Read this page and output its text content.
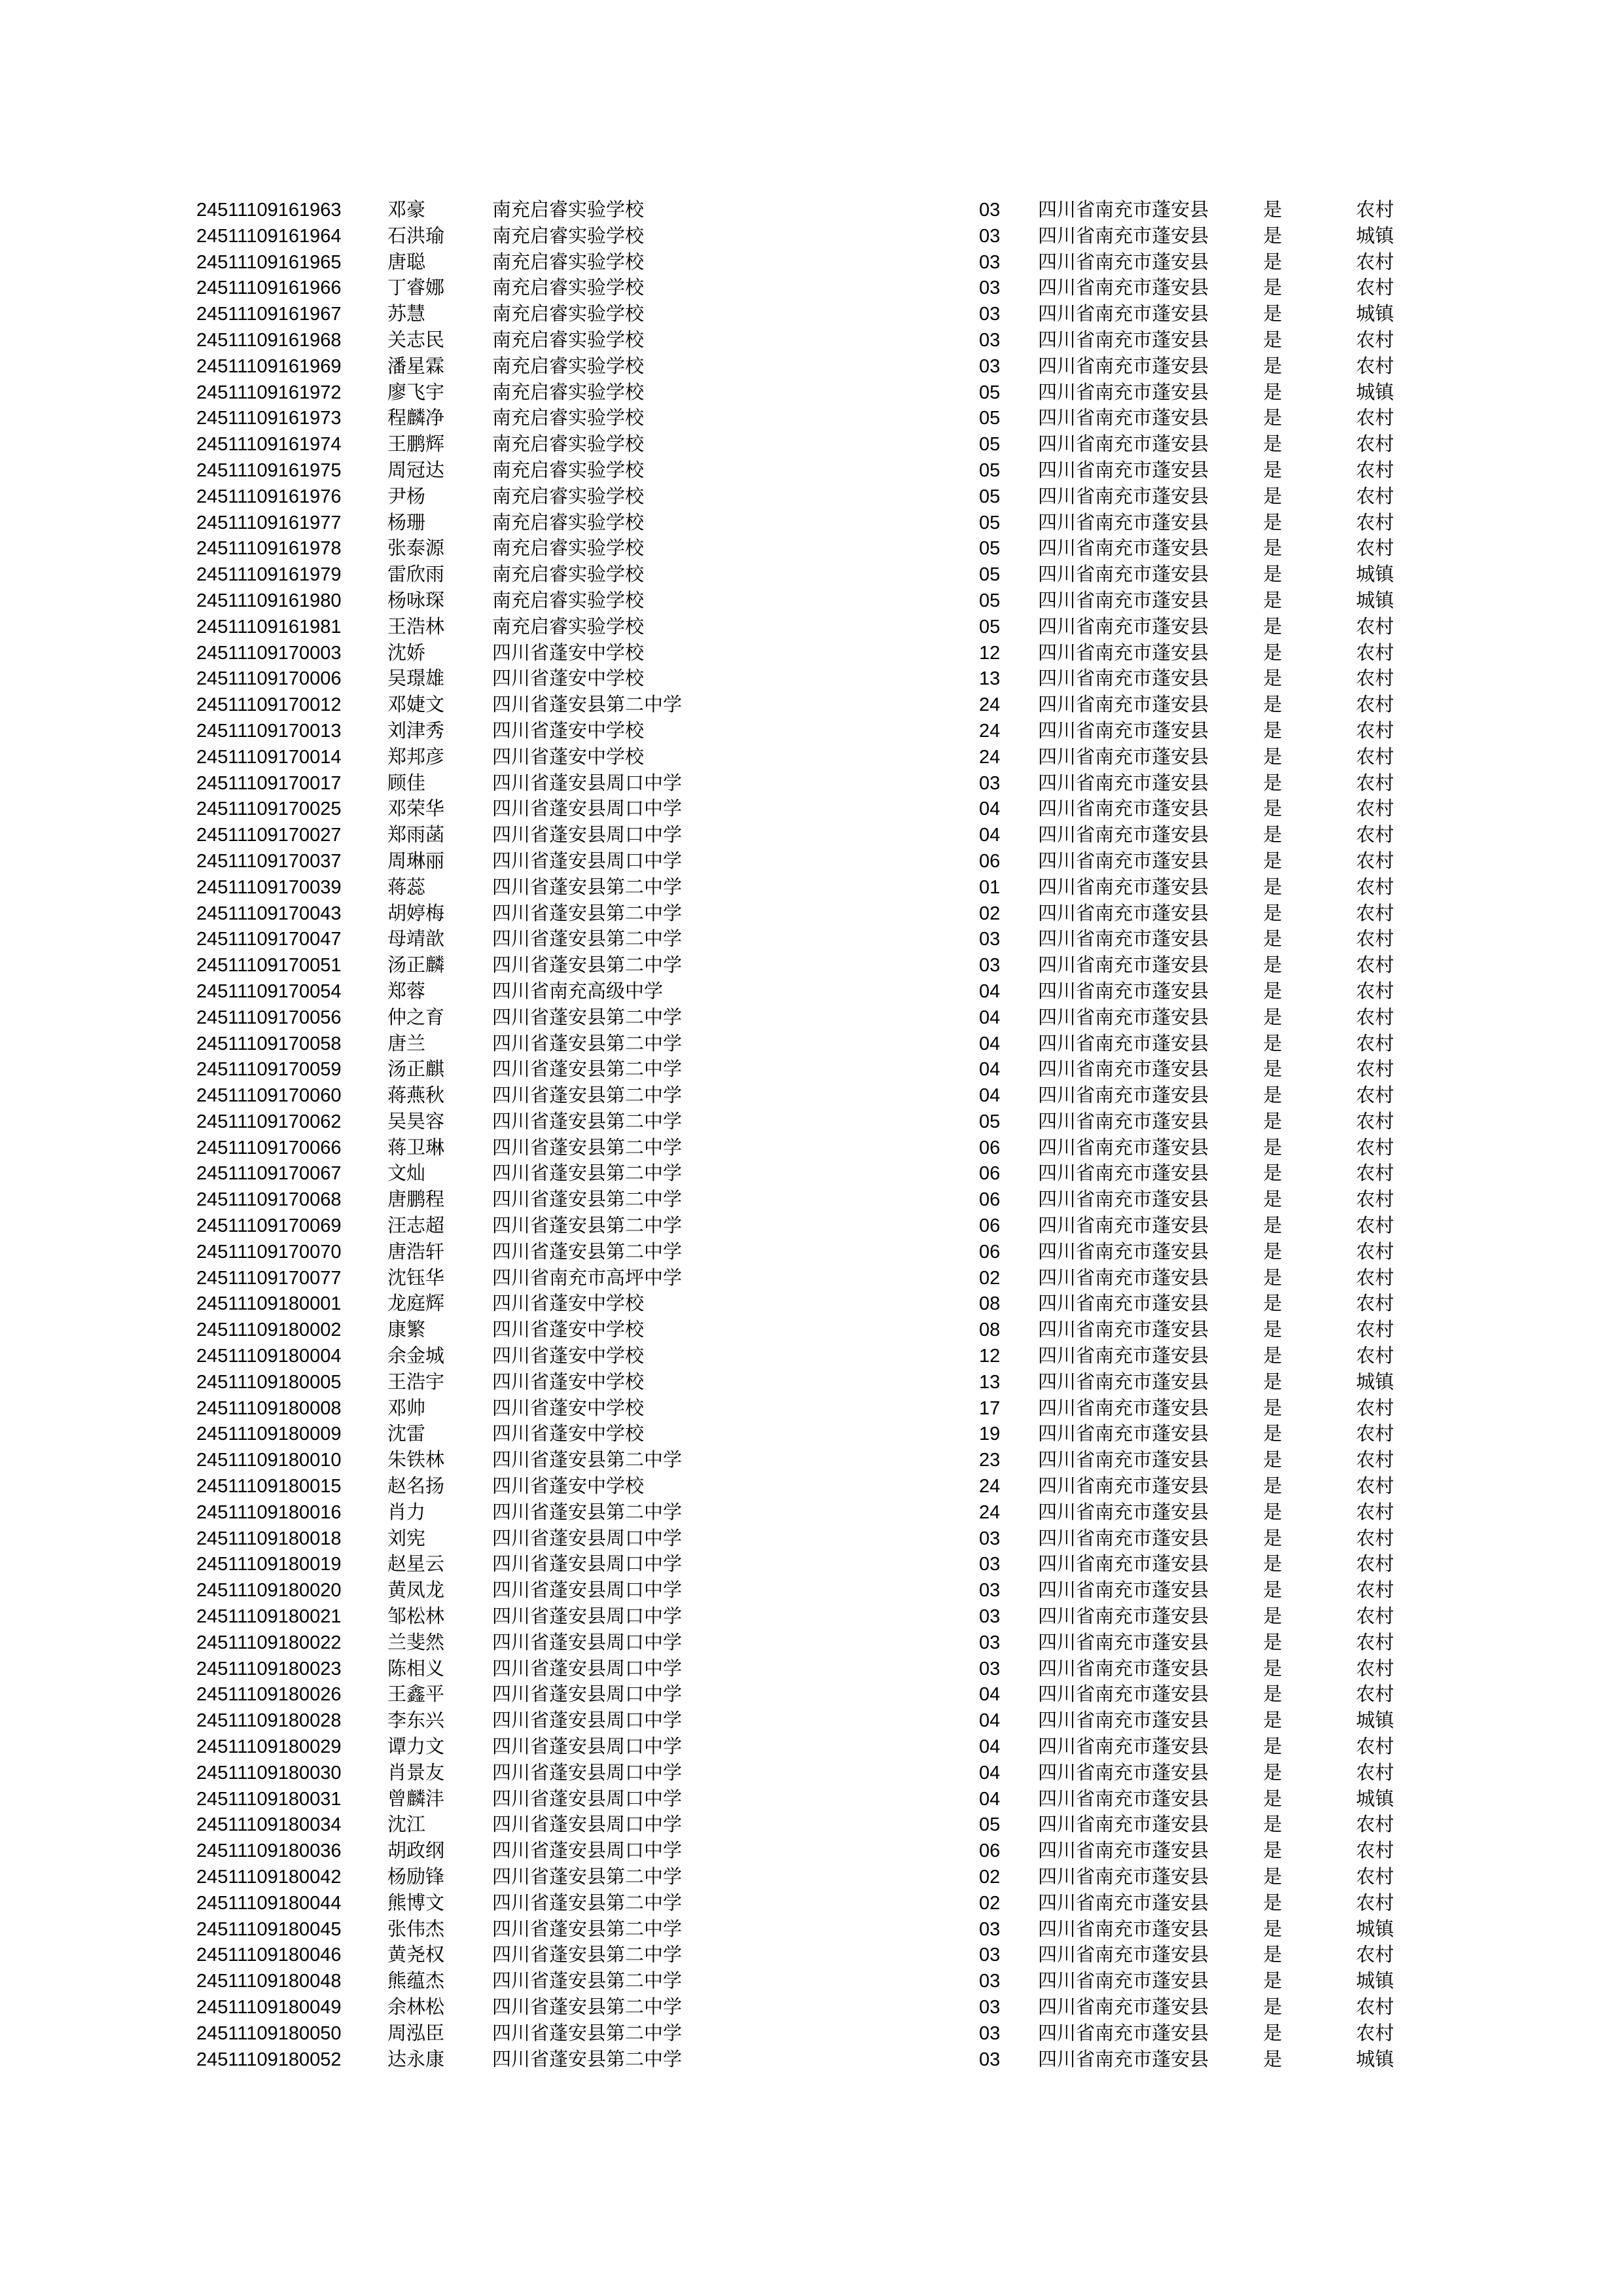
24511109161963	邓豪	南充启睿实验学校	03	四川省南充市蓬安县	是	农村
24511109161964	石洪瑜	南充启睿实验学校	03	四川省南充市蓬安县	是	城镇
24511109161965	唐聪	南充启睿实验学校	03	四川省南充市蓬安县	是	农村
24511109161966	丁睿娜	南充启睿实验学校	03	四川省南充市蓬安县	是	农村
24511109161967	苏慧	南充启睿实验学校	03	四川省南充市蓬安县	是	城镇
24511109161968	关志民	南充启睿实验学校	03	四川省南充市蓬安县	是	农村
24511109161969	潘星霖	南充启睿实验学校	03	四川省南充市蓬安县	是	农村
24511109161972	廖飞宇	南充启睿实验学校	05	四川省南充市蓬安县	是	城镇
24511109161973	程麟净	南充启睿实验学校	05	四川省南充市蓬安县	是	农村
24511109161974	王鹏辉	南充启睿实验学校	05	四川省南充市蓬安县	是	农村
24511109161975	周冠达	南充启睿实验学校	05	四川省南充市蓬安县	是	农村
24511109161976	尹杨	南充启睿实验学校	05	四川省南充市蓬安县	是	农村
24511109161977	杨珊	南充启睿实验学校	05	四川省南充市蓬安县	是	农村
24511109161978	张泰源	南充启睿实验学校	05	四川省南充市蓬安县	是	农村
24511109161979	雷欣雨	南充启睿实验学校	05	四川省南充市蓬安县	是	城镇
24511109161980	杨咏琛	南充启睿实验学校	05	四川省南充市蓬安县	是	城镇
24511109161981	王浩林	南充启睿实验学校	05	四川省南充市蓬安县	是	农村
24511109170003	沈娇	四川省蓬安中学校	12	四川省南充市蓬安县	是	农村
24511109170006	吴璟雄	四川省蓬安中学校	13	四川省南充市蓬安县	是	农村
24511109170012	邓婕文	四川省蓬安县第二中学	24	四川省南充市蓬安县	是	农村
24511109170013	刘津秀	四川省蓬安中学校	24	四川省南充市蓬安县	是	农村
24511109170014	郑邦彦	四川省蓬安中学校	24	四川省南充市蓬安县	是	农村
24511109170017	顾佳	四川省蓬安县周口中学	03	四川省南充市蓬安县	是	农村
24511109170025	邓荣华	四川省蓬安县周口中学	04	四川省南充市蓬安县	是	农村
24511109170027	郑雨菡	四川省蓬安县周口中学	04	四川省南充市蓬安县	是	农村
24511109170037	周琳丽	四川省蓬安县周口中学	06	四川省南充市蓬安县	是	农村
24511109170039	蒋蕊	四川省蓬安县第二中学	01	四川省南充市蓬安县	是	农村
24511109170043	胡婷梅	四川省蓬安县第二中学	02	四川省南充市蓬安县	是	农村
24511109170047	母靖歆	四川省蓬安县第二中学	03	四川省南充市蓬安县	是	农村
24511109170051	汤正麟	四川省蓬安县第二中学	03	四川省南充市蓬安县	是	农村
24511109170054	郑蓉	四川省南充高级中学	04	四川省南充市蓬安县	是	农村
24511109170056	仲之育	四川省蓬安县第二中学	04	四川省南充市蓬安县	是	农村
24511109170058	唐兰	四川省蓬安县第二中学	04	四川省南充市蓬安县	是	农村
24511109170059	汤正麒	四川省蓬安县第二中学	04	四川省南充市蓬安县	是	农村
24511109170060	蒋燕秋	四川省蓬安县第二中学	04	四川省南充市蓬安县	是	农村
24511109170062	吴昊容	四川省蓬安县第二中学	05	四川省南充市蓬安县	是	农村
24511109170066	蒋卫琳	四川省蓬安县第二中学	06	四川省南充市蓬安县	是	农村
24511109170067	文灿	四川省蓬安县第二中学	06	四川省南充市蓬安县	是	农村
24511109170068	唐鹏程	四川省蓬安县第二中学	06	四川省南充市蓬安县	是	农村
24511109170069	汪志超	四川省蓬安县第二中学	06	四川省南充市蓬安县	是	农村
24511109170070	唐浩轩	四川省蓬安县第二中学	06	四川省南充市蓬安县	是	农村
24511109170077	沈钰华	四川省南充市高坪中学	02	四川省南充市蓬安县	是	农村
24511109180001	龙庭辉	四川省蓬安中学校	08	四川省南充市蓬安县	是	农村
24511109180002	康繁	四川省蓬安中学校	08	四川省南充市蓬安县	是	农村
24511109180004	余金城	四川省蓬安中学校	12	四川省南充市蓬安县	是	农村
24511109180005	王浩宇	四川省蓬安中学校	13	四川省南充市蓬安县	是	城镇
24511109180008	邓帅	四川省蓬安中学校	17	四川省南充市蓬安县	是	农村
24511109180009	沈雷	四川省蓬安中学校	19	四川省南充市蓬安县	是	农村
24511109180010	朱铁林	四川省蓬安县第二中学	23	四川省南充市蓬安县	是	农村
24511109180015	赵名扬	四川省蓬安中学校	24	四川省南充市蓬安县	是	农村
24511109180016	肖力	四川省蓬安县第二中学	24	四川省南充市蓬安县	是	农村
24511109180018	刘宪	四川省蓬安县周口中学	03	四川省南充市蓬安县	是	农村
24511109180019	赵星云	四川省蓬安县周口中学	03	四川省南充市蓬安县	是	农村
24511109180020	黄凤龙	四川省蓬安县周口中学	03	四川省南充市蓬安县	是	农村
24511109180021	邹松林	四川省蓬安县周口中学	03	四川省南充市蓬安县	是	农村
24511109180022	兰斐然	四川省蓬安县周口中学	03	四川省南充市蓬安县	是	农村
24511109180023	陈相义	四川省蓬安县周口中学	03	四川省南充市蓬安县	是	农村
24511109180026	王鑫平	四川省蓬安县周口中学	04	四川省南充市蓬安县	是	农村
24511109180028	李东兴	四川省蓬安县周口中学	04	四川省南充市蓬安县	是	城镇
24511109180029	谭力文	四川省蓬安县周口中学	04	四川省南充市蓬安县	是	农村
24511109180030	肖景友	四川省蓬安县周口中学	04	四川省南充市蓬安县	是	农村
24511109180031	曾麟沣	四川省蓬安县周口中学	04	四川省南充市蓬安县	是	城镇
24511109180034	沈江	四川省蓬安县周口中学	05	四川省南充市蓬安县	是	农村
24511109180036	胡政纲	四川省蓬安县周口中学	06	四川省南充市蓬安县	是	农村
24511109180042	杨励锋	四川省蓬安县第二中学	02	四川省南充市蓬安县	是	农村
24511109180044	熊博文	四川省蓬安县第二中学	02	四川省南充市蓬安县	是	农村
24511109180045	张伟杰	四川省蓬安县第二中学	03	四川省南充市蓬安县	是	城镇
24511109180046	黄尧权	四川省蓬安县第二中学	03	四川省南充市蓬安县	是	农村
24511109180048	熊蕴杰	四川省蓬安县第二中学	03	四川省南充市蓬安县	是	城镇
24511109180049	余林松	四川省蓬安县第二中学	03	四川省南充市蓬安县	是	农村
24511109180050	周泓臣	四川省蓬安县第二中学	03	四川省南充市蓬安县	是	农村
24511109180052	达永康	四川省蓬安县第二中学	03	四川省南充市蓬安县	是	城镇
